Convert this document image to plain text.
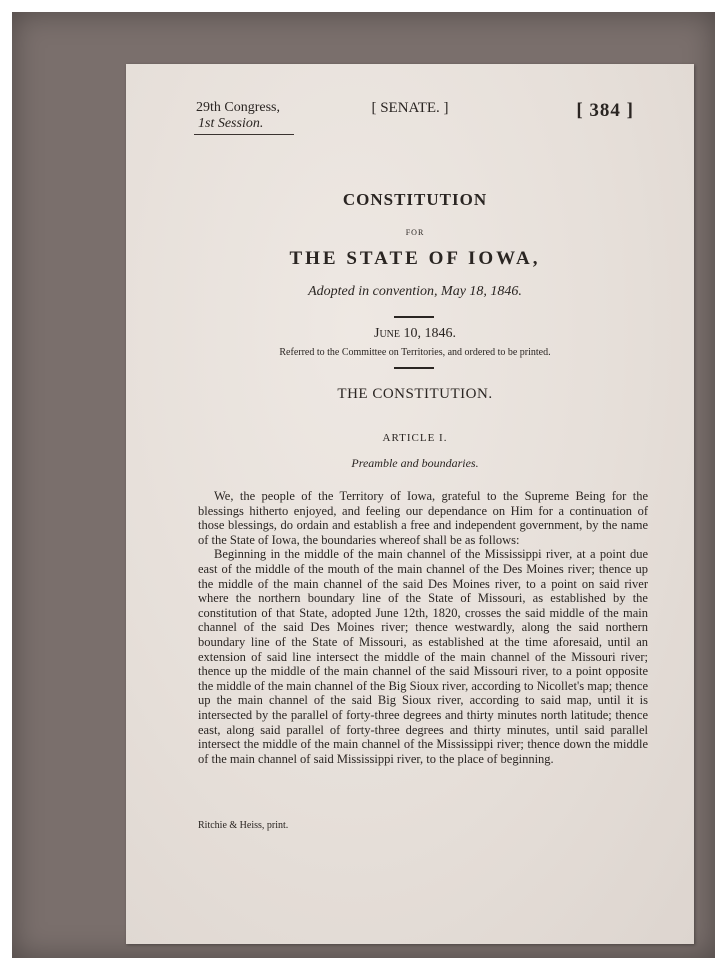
29th Congress,
1st Session.
[ SENATE. ]	[ 384 ]
CONSTITUTION
FOR
THE STATE OF IOWA,
Adopted in convention, May 18, 1846.
June 10, 1846.
Referred to the Committee on Territories, and ordered to be printed.
THE CONSTITUTION.
ARTICLE I.
Preamble and boundaries.

We, the people of the Territory of Iowa, grateful to the Supreme Being for the blessings hitherto enjoyed, and feeling our dependance on Him for a continuation of those blessings, do ordain and establish a free and independent government, by the name of the State of Iowa, the boundaries whereof shall be as follows:

Beginning in the middle of the main channel of the Mississippi river, at a point due east of the middle of the mouth of the main channel of the Des Moines river; thence up the middle of the main channel of the said Des Moines river, to a point on said river where the northern boundary line of the State of Missouri, as established by the constitution of that State, adopted June 12th, 1820, crosses the said middle of the main channel of the said Des Moines river; thence westwardly, along the said northern boundary line of the State of Missouri, as established at the time aforesaid, until an extension of said line intersect the middle of the main channel of the Missouri river; thence up the middle of the main channel of the said Missouri river, to a point opposite the middle of the main channel of the Big Sioux river, according to Nicollet's map; thence up the main channel of the said Big Sioux river, according to said map, until it is intersected by the parallel of forty-three degrees and thirty minutes north latitude; thence east, along said parallel of forty-three degrees and thirty minutes, until said parallel intersect the middle of the main channel of the Mississippi river; thence down the middle of the main channel of said Mississippi river, to the place of beginning.

Ritchie & Heiss, print.
